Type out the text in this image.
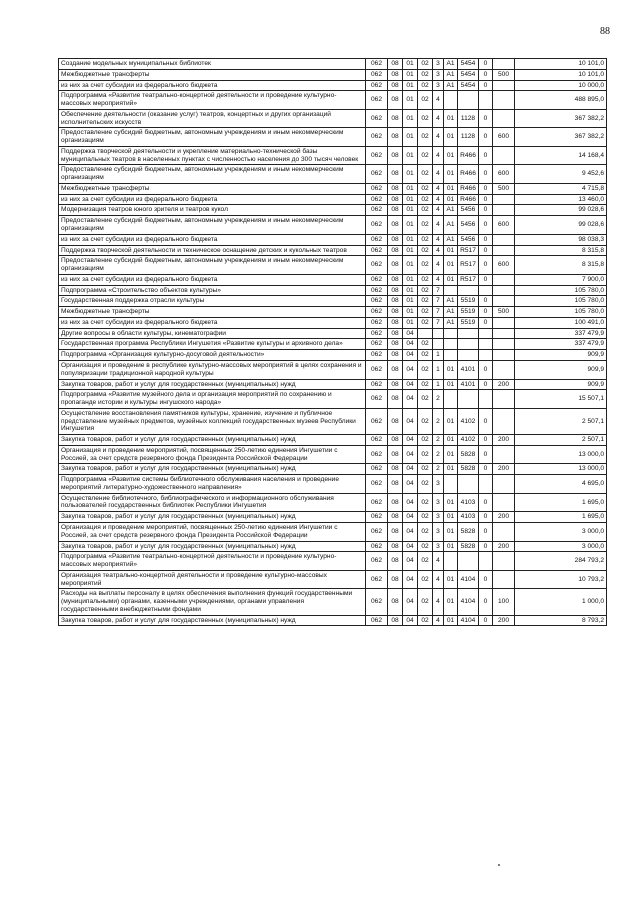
88
Создание модельных муниципальных библиотек	062	08	01	02	3	A1	5454	0		10 101,0
Межбюджетные трансферты	062	08	01	02	3	A1	5454	0	500	10 101,0
из них за счет субсидии из федерального бюджета	062	08	01	02	3	A1	5454	0		10 000,0
Подпрограмма «Развитие театрально-концертной деятельности и проведение культурно-массовых мероприятий»	062	08	01	02	4					488 895,0
Обеспечение деятельности (оказание услуг) театров, концертных и других организаций исполнительских искусств	062	08	01	02	4	01	1128	0		367 382,2
Предоставление субсидий бюджетным, автономным учреждениям и иным некоммерческим организациям	062	08	01	02	4	01	1128	0	600	367 382,2
Поддержка творческой деятельности и укрепление материально-технической базы муниципальных театров в населенных пунктах с численностью населения до 300 тысяч человек	062	08	01	02	4	01	R466	0		14 168,4
Предоставление субсидий бюджетным, автономным учреждениям и иным некоммерческим организациям	062	08	01	02	4	01	R466	0	600	9 452,6
Межбюджетные трансферты	062	08	01	02	4	01	R466	0	500	4 715,8
из них за счет субсидии из федерального бюджета	062	08	01	02	4	01	R466	0		13 460,0
Модернизация театров юного зрителя и театров кукол	062	08	01	02	4	A1	5456	0		99 028,6
Предоставление субсидий бюджетным, автономным учреждениям и иным некоммерческим организациям	062	08	01	02	4	A1	5456	0	600	99 028,6
из них за счет субсидии из федерального бюджета	062	08	01	02	4	A1	5456	0		98 038,3
Поддержка творческой деятельности и техническое оснащение детских и кукольных театров	062	08	01	02	4	01	R517	0		8 315,8
Предоставление субсидий бюджетным, автономным учреждениям и иным некоммерческим организациям	062	08	01	02	4	01	R517	0	600	8 315,8
из них за счет субсидии из федерального бюджета	062	08	01	02	4	01	R517	0		7 900,0
Подпрограмма «Строительство объектов культуры»	062	08	01	02	7					105 780,0
Государственная поддержка отрасли культуры	062	08	01	02	7	A1	5519	0		105 780,0
Межбюджетные трансферты	062	08	01	02	7	A1	5519	0	500	105 780,0
из них за счет субсидии из федерального бюджета	062	08	01	02	7	A1	5519	0		100 491,0
Другие вопросы в области культуры, кинематографии	062	08	04							337 479,9
Государственная программа Республики Ингушетия «Развитие культуры и архивного дела»	062	08	04	02						337 479,9
Подпрограмма «Организация культурно-досуговой деятельности»	062	08	04	02	1					909,9
Организация и проведение в республике культурно-массовых мероприятий в целях сохранения и популяризации традиционной народной культуры	062	08	04	02	1	01	4101	0		909,9
Закупка товаров, работ и услуг для государственных (муниципальных) нужд	062	08	04	02	1	01	4101	0	200	909,9
Подпрограмма «Развитие музейного дела и организация мероприятий по сохранению и пропаганде истории и культуры ингушского народа»	062	08	04	02	2					15 507,1
Осуществление восстановления памятников культуры, хранение, изучение и публичное представление музейных предметов, музейных коллекций государственных музеев Республики Ингушетия	062	08	04	02	2	01	4102	0		2 507,1
Закупка товаров, работ и услуг для государственных (муниципальных) нужд	062	08	04	02	2	01	4102	0	200	2 507,1
Организация и проведение мероприятий, посвященных 250-летию единения Ингушетии с Россией, за счет средств резервного фонда Президента Российской Федерации	062	08	04	02	2	01	5828	0		13 000,0
Закупка товаров, работ и услуг для государственных (муниципальных) нужд	062	08	04	02	2	01	5828	0	200	13 000,0
Подпрограмма «Развитие системы библиотечного обслуживания населения и проведение мероприятий литературно-художественного направления»	062	08	04	02	3					4 695,0
Осуществление библиотечного, библиографического и информационного обслуживания пользователей государственных библиотек Республики Ингушетия	062	08	04	02	3	01	4103	0		1 695,0
Закупка товаров, работ и услуг для государственных (муниципальных) нужд	062	08	04	02	3	01	4103	0	200	1 695,0
Организация и проведение мероприятий, посвященных 250-летию единения Ингушетии с Россией, за счет средств резервного фонда Президента Российской Федерации	062	08	04	02	3	01	5828	0		3 000,0
Закупка товаров, работ и услуг для государственных (муниципальных) нужд	062	08	04	02	3	01	5828	0	200	3 000,0
Подпрограмма «Развитие театрально-концертной деятельности и проведение культурно-массовых мероприятий»	062	08	04	02	4					284 793,2
Организация театрально-концертной деятельности и проведение культурно-массовых мероприятий	062	08	04	02	4	01	4104	0		10 793,2
Расходы на выплаты персоналу в целях обеспечения выполнения функций государственными (муниципальными) органами, казенными учреждениями, органами управления государственными внебюджетными фондами	062	08	04	02	4	01	4104	0	100	1 000,0
Закупка товаров, работ и услуг для государственных (муниципальных) нужд	062	08	04	02	4	01	4104	0	200	8 793,2
